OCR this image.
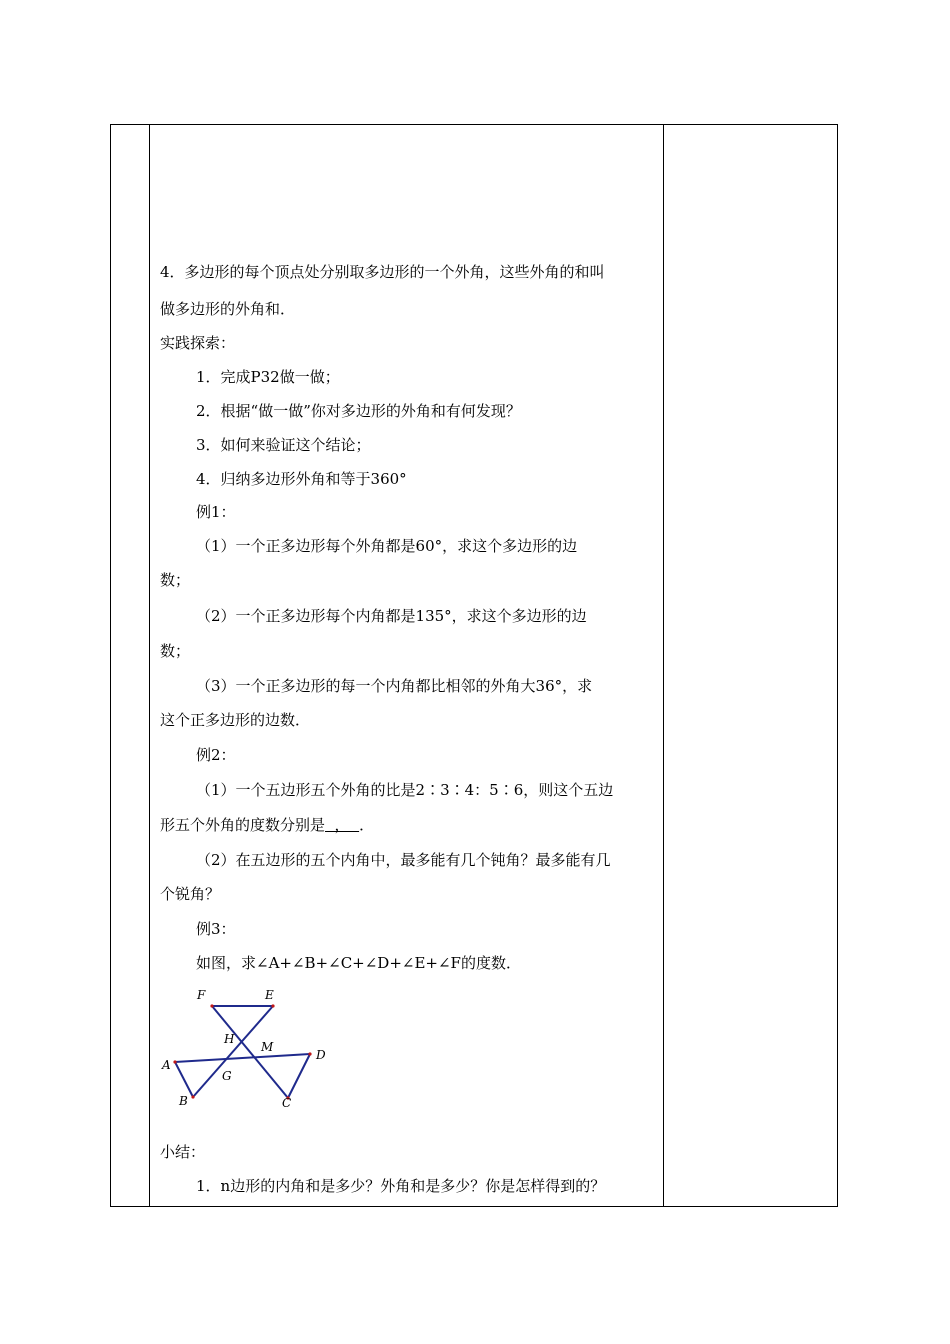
4．多边形的每个顶点处分别取多边形的一个外角，这些外角的和叫
做多边形的外角和．
实践探索：
1．完成P32做一做；
2．根据“做一做”你对多边形的外角和有何发现？
3．如何来验证这个结论；
4．归纳多边形外角和等于360°
例1：
（1）一个正多边形每个外角都是60°，求这个多边形的边
数；
（2）一个正多边形每个内角都是135°，求这个多边形的边
数；
（3）一个正多边形的每一个内角都比相邻的外角大36°，求
这个正多边形的边数．
例2：
（1）一个五边形五个外角的比是2∶3∶4：5∶6，则这个五边
形五个外角的度数分别是  ，  ．
（2）在五边形的五个内角中，最多能有几个钝角？最多能有几
个锐角？
例3：
如图，求∠A+∠B+∠C+∠D+∠E+∠F的度数．
F	E
H
M
D
A
G
B	C
小结：
1．n边形的内角和是多少？外角和是多少？你是怎样得到的？
